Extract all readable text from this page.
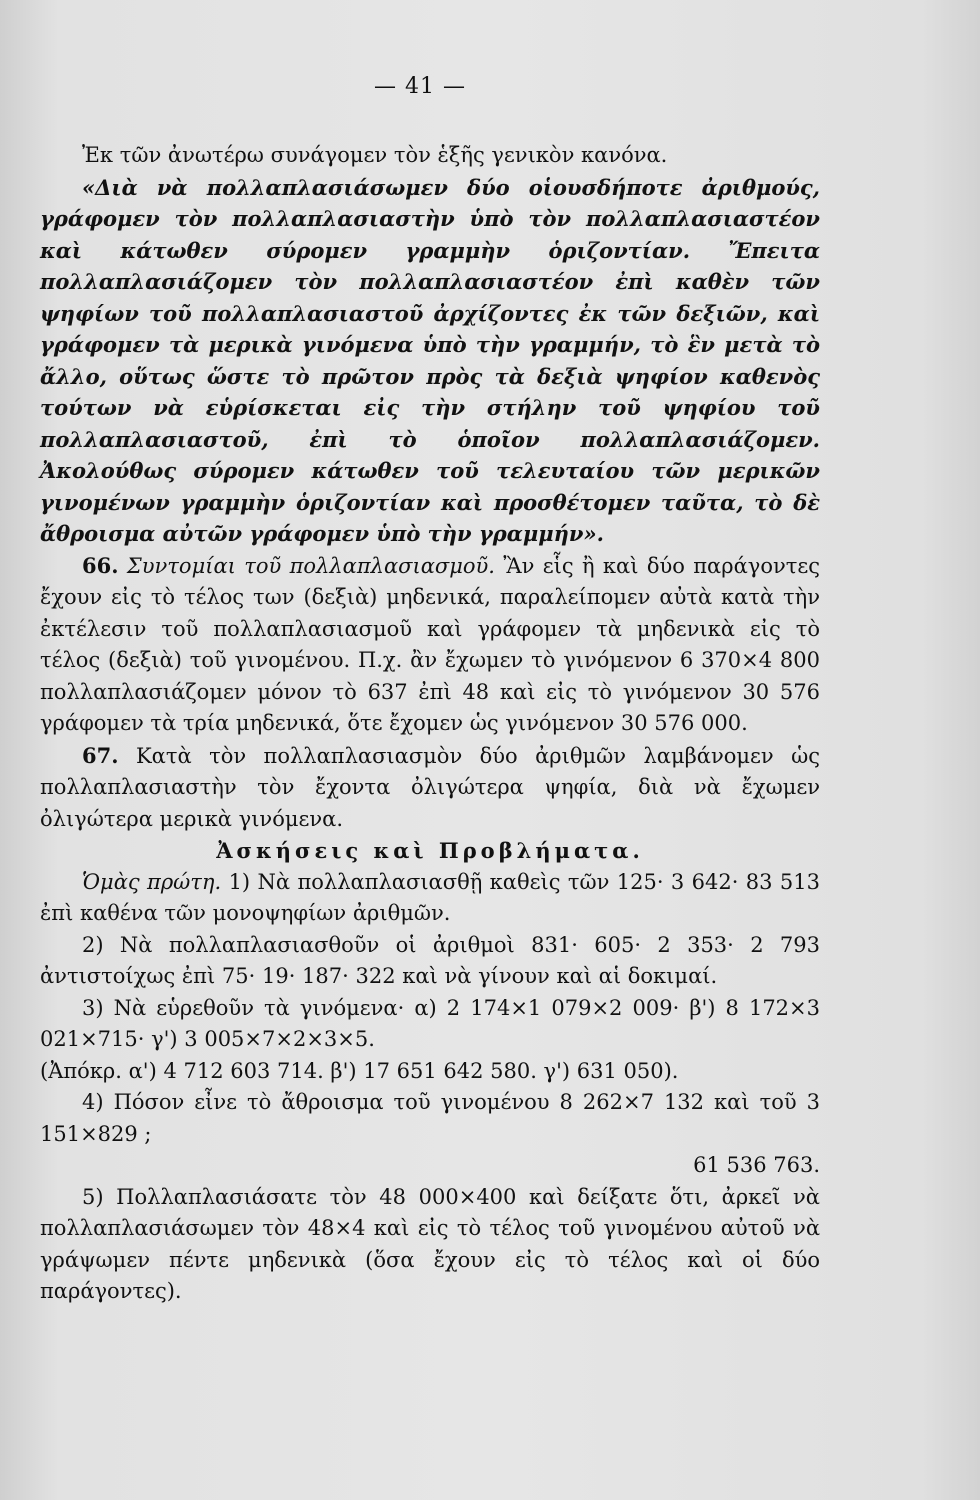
— 41 —

Ἐκ τῶν ἀνωτέρω συνάγομεν τὸν ἑξῆς γενικὸν κανόνα.

«Διὰ νὰ πολλαπλασιάσωμεν δύο οἱουσδήποτε ἀριθμούς, γράφομεν τὸν πολλαπλασιαστὴν ὑπὸ τὸν πολλαπλασιαστέον καὶ κάτωθεν σύρομεν γραμμὴν ὁριζοντίαν. Ἔπειτα πολλαπλασιάζομεν τὸν πολλαπλασιαστέον ἐπὶ καθὲν τῶν ψηφίων τοῦ πολλαπλασιαστοῦ ἀρχίζοντες ἐκ τῶν δεξιῶν, καὶ γράφομεν τὰ μερικὰ γινόμενα ὑπὸ τὴν γραμμήν, τὸ ἓν μετὰ τὸ ἄλλο, οὕτως ὥστε τὸ πρῶτον πρὸς τὰ δεξιὰ ψηφίον καθενὸς τούτων νὰ εὑρίσκεται εἰς τὴν στήλην τοῦ ψηφίου τοῦ πολλαπλασιαστοῦ, ἐπὶ τὸ ὁποῖον πολλαπλασιάζομεν. Ἀκολούθως σύρομεν κάτωθεν τοῦ τελευταίου τῶν μερικῶν γινομένων γραμμὴν ὁριζοντίαν καὶ προσθέτομεν ταῦτα, τὸ δὲ ἄθροισμα αὐτῶν γράφομεν ὑπὸ τὴν γραμμήν».

66. Συντομίαι τοῦ πολλαπλασιασμοῦ. Ἂν εἷς ἢ καὶ δύο παράγοντες ἔχουν εἰς τὸ τέλος των (δεξιὰ) μηδενικά, παραλείπομεν αὐτὰ κατὰ τὴν ἐκτέλεσιν τοῦ πολλαπλασιασμοῦ καὶ γράφομεν τὰ μηδενικὰ εἰς τὸ τέλος (δεξιὰ) τοῦ γινομένου. Π.χ. ἂν ἔχωμεν τὸ γινόμενον 6 370×4 800 πολλαπλασιάζομεν μόνον τὸ 637 ἐπὶ 48 καὶ εἰς τὸ γινόμενον 30 576 γράφομεν τὰ τρία μηδενικά, ὅτε ἔχομεν ὡς γινόμενον 30 576 000.

67. Κατὰ τὸν πολλαπλασιασμὸν δύο ἀριθμῶν λαμβάνομεν ὡς πολλαπλασιαστὴν τὸν ἔχοντα ὀλιγώτερα ψηφία, διὰ νὰ ἔχωμεν ὀλιγώτερα μερικὰ γινόμενα.

Ἀσκήσεις καὶ Προβλήματα.

Ὁμὰς πρώτη. 1) Νὰ πολλαπλασιασθῇ καθεὶς τῶν 125· 3 642· 83 513 ἐπὶ καθένα τῶν μονοψηφίων ἀριθμῶν.

2) Νὰ πολλαπλασιασθοῦν οἱ ἀριθμοὶ 831· 605· 2 353· 2 793 ἀντιστοίχως ἐπὶ 75· 19· 187· 322 καὶ νὰ γίνουν καὶ αἱ δοκιμαί.

3) Νὰ εὑρεθοῦν τὰ γινόμενα· α) 2 174×1 079×2 009· β') 8 172×3 021×715· γ') 3 005×7×2×3×5.

(Ἀπόκρ. α') 4 712 603 714. β') 17 651 642 580. γ') 631 050).

4) Πόσον εἶνε τὸ ἄθροισμα τοῦ γινομένου 8 262×7 132 καὶ τοῦ 3 151×829 ;

61 536 763.

5) Πολλαπλασιάσατε τὸν 48 000×400 καὶ δείξατε ὅτι, ἀρκεῖ νὰ πολλαπλασιάσωμεν τὸν 48×4 καὶ εἰς τὸ τέλος τοῦ γινομένου αὐτοῦ νὰ γράψωμεν πέντε μηδενικὰ (ὅσα ἔχουν εἰς τὸ τέλος καὶ οἱ δύο παράγοντες).
